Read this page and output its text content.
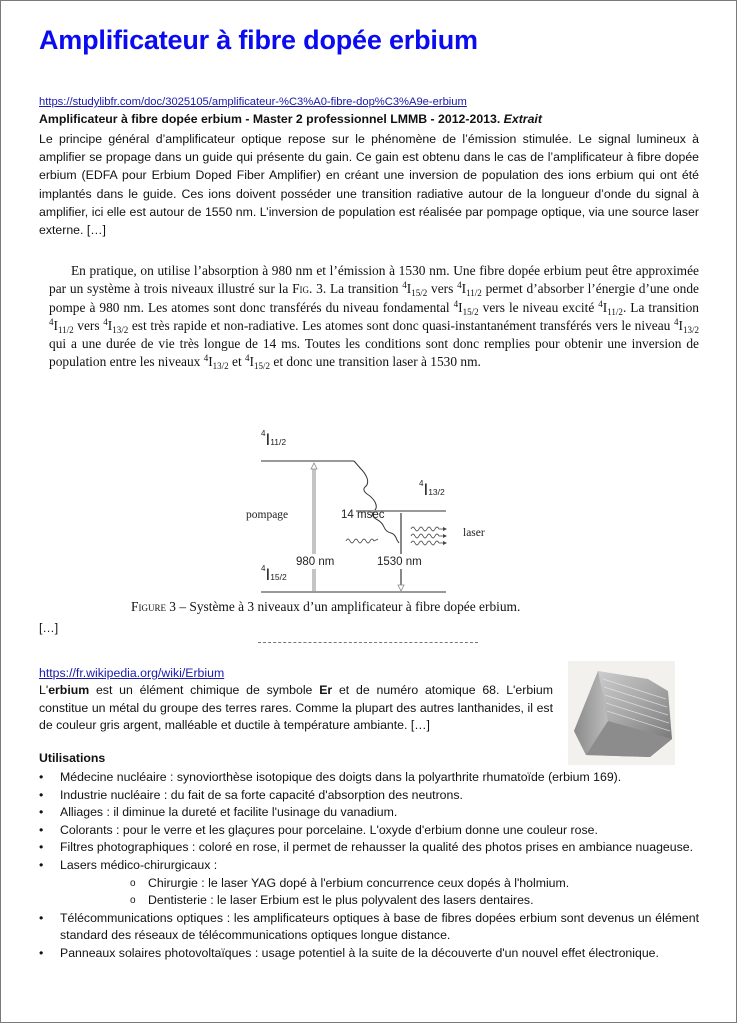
Amplificateur à fibre dopée erbium
https://studylibfr.com/doc/3025105/amplificateur-%C3%A0-fibre-dop%C3%A9e-erbium
Amplificateur à fibre dopée erbium - Master 2 professionnel LMMB - 2012-2013. Extrait
Le principe général d’amplificateur optique repose sur le phénomène de l’émission stimulée. Le signal lumineux à amplifier se propage dans un guide qui présente du gain. Ce gain est obtenu dans le cas de l’amplificateur à fibre dopée erbium (EDFA pour Erbium Doped Fiber Amplifier) en créant une inversion de population des ions erbium qui ont été implantés dans le guide. Ces ions doivent posséder une transition radiative autour de la longueur d’onde du signal à amplifier, ici elle est autour de 1550 nm. L’inversion de population est réalisée par pompage optique, via une source laser externe. […]

En pratique, on utilise l’absorption à 980 nm et l’émission à 1530 nm. Une fibre dopée erbium peut être approximée par un système à trois niveaux illustré sur la Fig. 3. La transition $^4I_{15/2}$ vers $^4I_{11/2}$ permet d’absorber l’énergie d’une onde pompe à 980 nm. Les atomes sont donc transférés du niveau fondamental $^4I_{15/2}$ vers le niveau excité $^4I_{11/2}$. La transition $^4I_{11/2}$ vers $^4I_{13/2}$ est très rapide et non-radiative. Les atomes sont donc quasi-instantanément transférés vers le niveau $^4I_{13/2}$ qui a une durée de vie très longue de 14 ms. Toutes les conditions sont donc remplies pour obtenir une inversion de population entre les niveaux $^4I_{13/2}$ et $^4I_{15/2}$ et donc une transition laser à 1530 nm.

$^4$I11/2
$^4$I13/2
$^4$I15/2
pompage	14 msec
laser
980 nm	1530 nm
Figure 3 – Système à 3 niveaux d’un amplificateur à fibre dopée erbium.
[…]
https://fr.wikipedia.org/wiki/Erbium
L'erbium est un élément chimique de symbole Er et de numéro atomique 68. L'erbium constitue un métal du groupe des terres rares. Comme la plupart des autres lanthanides, il est de couleur gris argent, malléable et ductile à température ambiante. […]
Utilisations
•	Médecine nucléaire : synoviorthèse isotopique des doigts dans la polyarthrite rhumatoïde (erbium 169).
•	Industrie nucléaire : du fait de sa forte capacité d'absorption des neutrons.
•	Alliages : il diminue la dureté et facilite l'usinage du vanadium.
•	Colorants : pour le verre et les glaçures pour porcelaine. L'oxyde d'erbium donne une couleur rose.
•	Filtres photographiques : coloré en rose, il permet de rehausser la qualité des photos prises en ambiance nuageuse.
•	Lasers médico-chirurgicaux :
o Chirurgie : le laser YAG dopé à l'erbium concurrence ceux dopés à l'holmium.
o Dentisterie : le laser Erbium est le plus polyvalent des lasers dentaires.
•	Télécommunications optiques : les amplificateurs optiques à base de fibres dopées erbium sont devenus un élément standard des réseaux de télécommunications optiques longue distance.
•	Panneaux solaires photovoltaïques : usage potentiel à la suite de la découverte d'un nouvel effet électronique.
